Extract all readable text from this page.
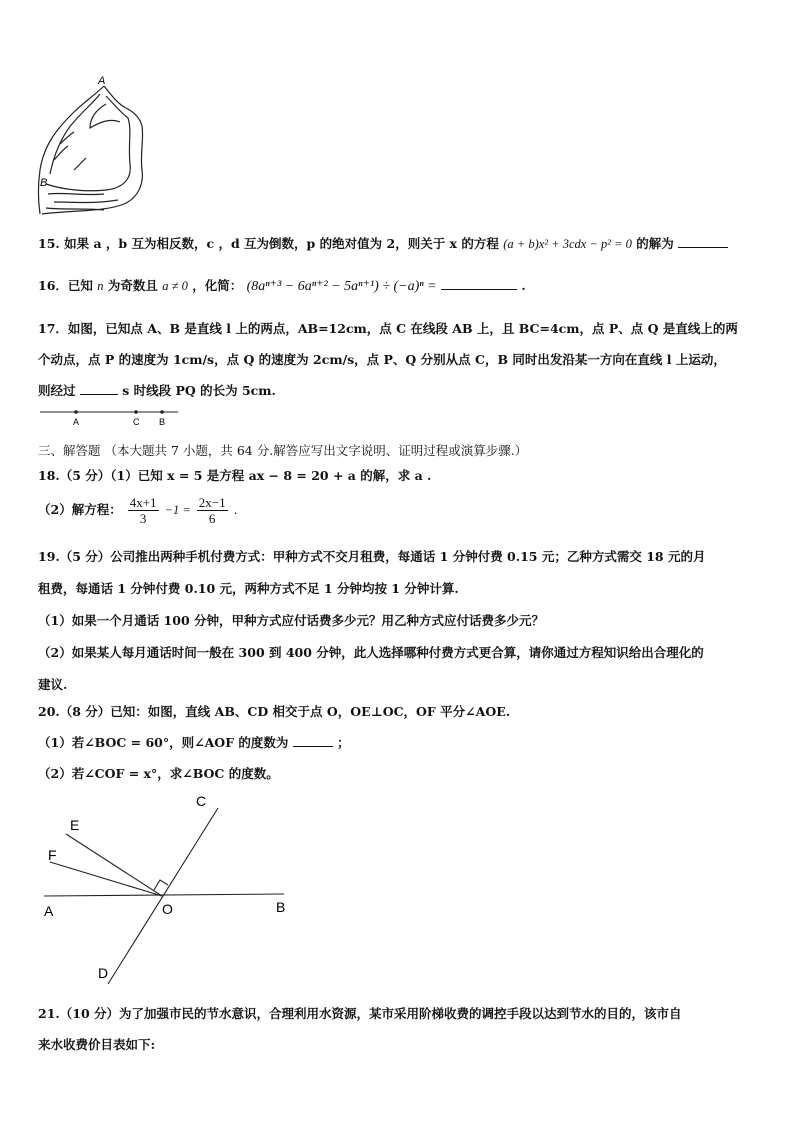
A
B
15. 如果 a ，b 互为相反数，c ，d 互为倒数，p 的绝对值为 2，则关于 x 的方程 (a + b)x² + 3cdx − p² = 0 的解为
16．已知 n 为奇数且 a ≠ 0 ，化简： (8aⁿ⁺³ − 6aⁿ⁺² − 5aⁿ⁺¹) ÷ (−a)ⁿ =	.
17．如图，已知点 A、B 是直线 l 上的两点，AB=12cm，点 C 在线段 AB 上，且 BC=4cm，点 P、点 Q 是直线上的两
个动点，点 P 的速度为 1cm/s，点 Q 的速度为 2cm/s，点 P、Q 分别从点 C，B 同时出发沿某一方向在直线 l 上运动，
则经过	s 时线段 PQ 的长为 5cm.
A	C B
三、解答题 （本大题共 7 小题，共 64 分.解答应写出文字说明、证明过程或演算步骤.）
18.（5 分）（1）已知 x = 5 是方程 ax − 8 = 20 + a 的解，求 a .
（2）解方程： $\frac{4x+1}{3} -1 = \frac{2x-1}{6}$ .
19.（5 分）公司推出两种手机付费方式：甲种方式不交月租费，每通话 1 分钟付费 0.15 元；乙种方式需交 18 元的月
租费，每通话 1 分钟付费 0.10 元，两种方式不足 1 分钟均按 1 分钟计算.
（1）如果一个月通话 100 分钟，甲种方式应付话费多少元？用乙种方式应付话费多少元？
（2）如果某人每月通话时间一般在 300 到 400 分钟，此人选择哪种付费方式更合算，请你通过方程知识给出合理化的
建议.
20.（8 分）已知：如图，直线 AB、CD 相交于点 O，OE⊥OC，OF 平分∠AOE.
（1）若∠BOC = 60°，则∠AOF 的度数为	；
（2）若∠COF = x°，求∠BOC 的度数。
C
E
F
A	O	B
D
21.（10 分）为了加强市民的节水意识，合理利用水资源，某市采用阶梯收费的调控手段以达到节水的目的，该市自
来水收费价目表如下:
